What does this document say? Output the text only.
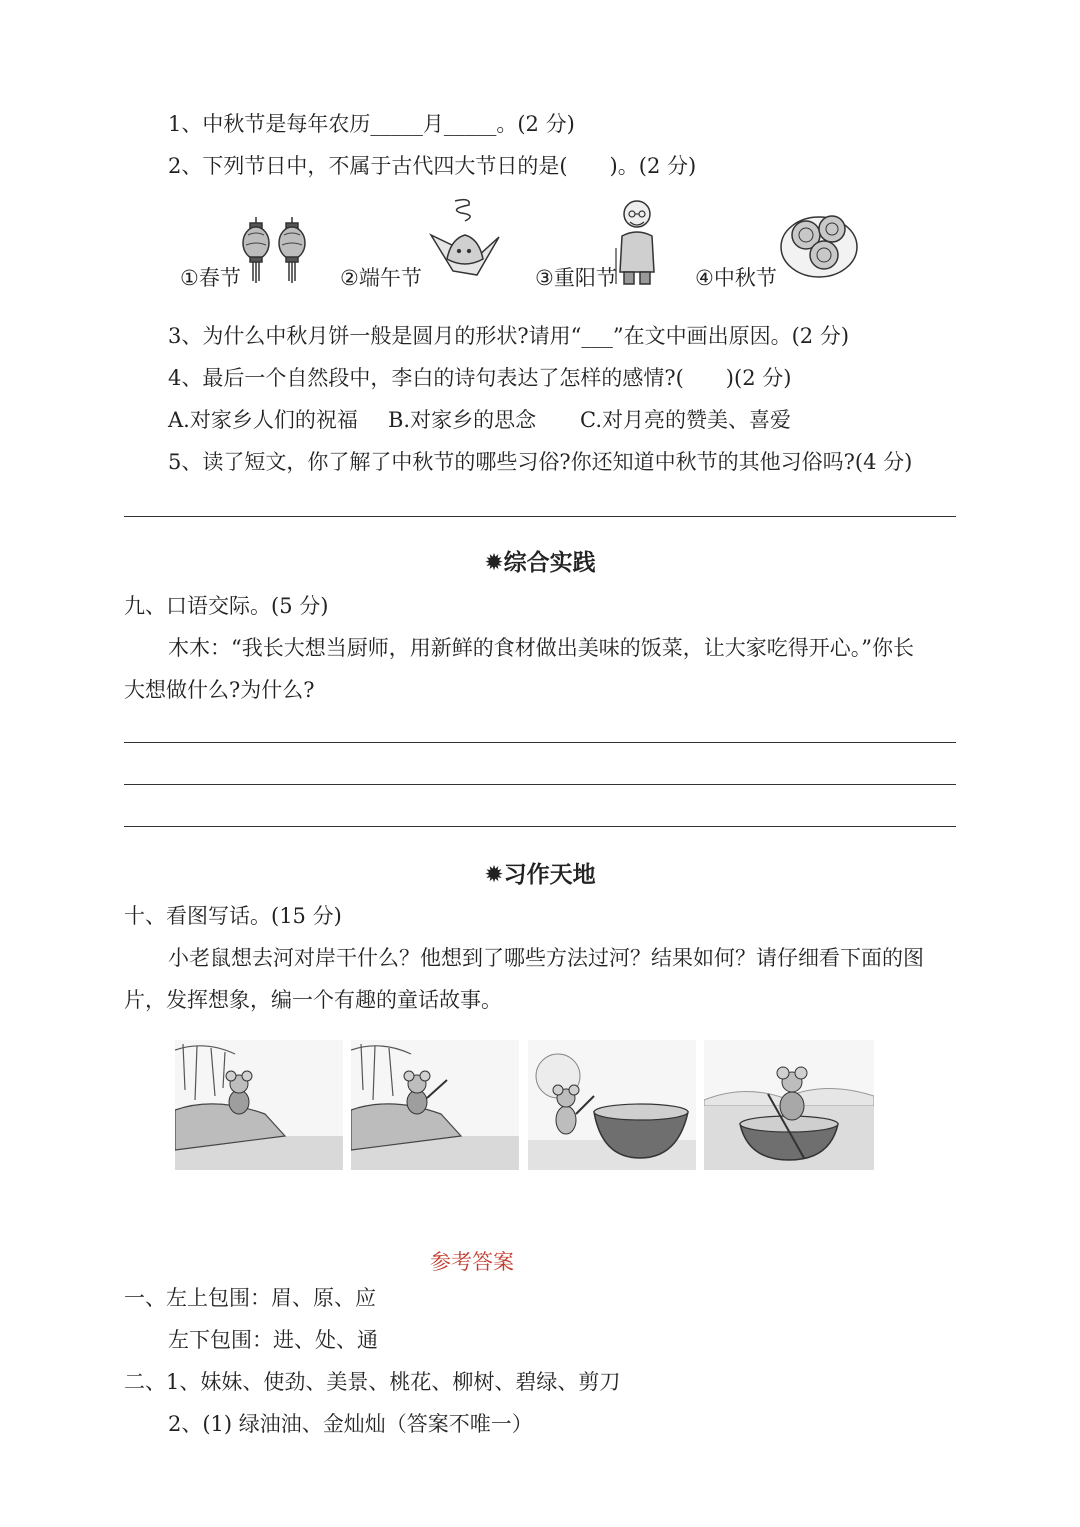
1、中秋节是每年农历_____月_____。(2 分)
2、下列节日中，不属于古代四大节日的是(　　)。(2 分)
①春节	②端午节	③重阳节	④中秋节
3、为什么中秋月饼一般是圆月的形状?请用“___”在文中画出原因。(2 分)
4、最后一个自然段中，李白的诗句表达了怎样的感情?(　　)(2 分)
A.对家乡人们的祝福 B.对家乡的思念 C.对月亮的赞美、喜爱
5、读了短文，你了解了中秋节的哪些习俗?你还知道中秋节的其他习俗吗?(4 分)
✹综合实践
九、口语交际。(5 分)
木木：“我长大想当厨师，用新鲜的食材做出美味的饭菜，让大家吃得开心。”你长
大想做什么?为什么?
✹习作天地
十、看图写话。(15 分)
小老鼠想去河对岸干什么？他想到了哪些方法过河？结果如何？请仔细看下面的图
片，发挥想象，编一个有趣的童话故事。
参考答案
一、左上包围：眉、原、应
左下包围：进、处、通
二、1、妹妹、使劲、美景、桃花、柳树、碧绿、剪刀
2、(1) 绿油油、金灿灿（答案不唯一）
